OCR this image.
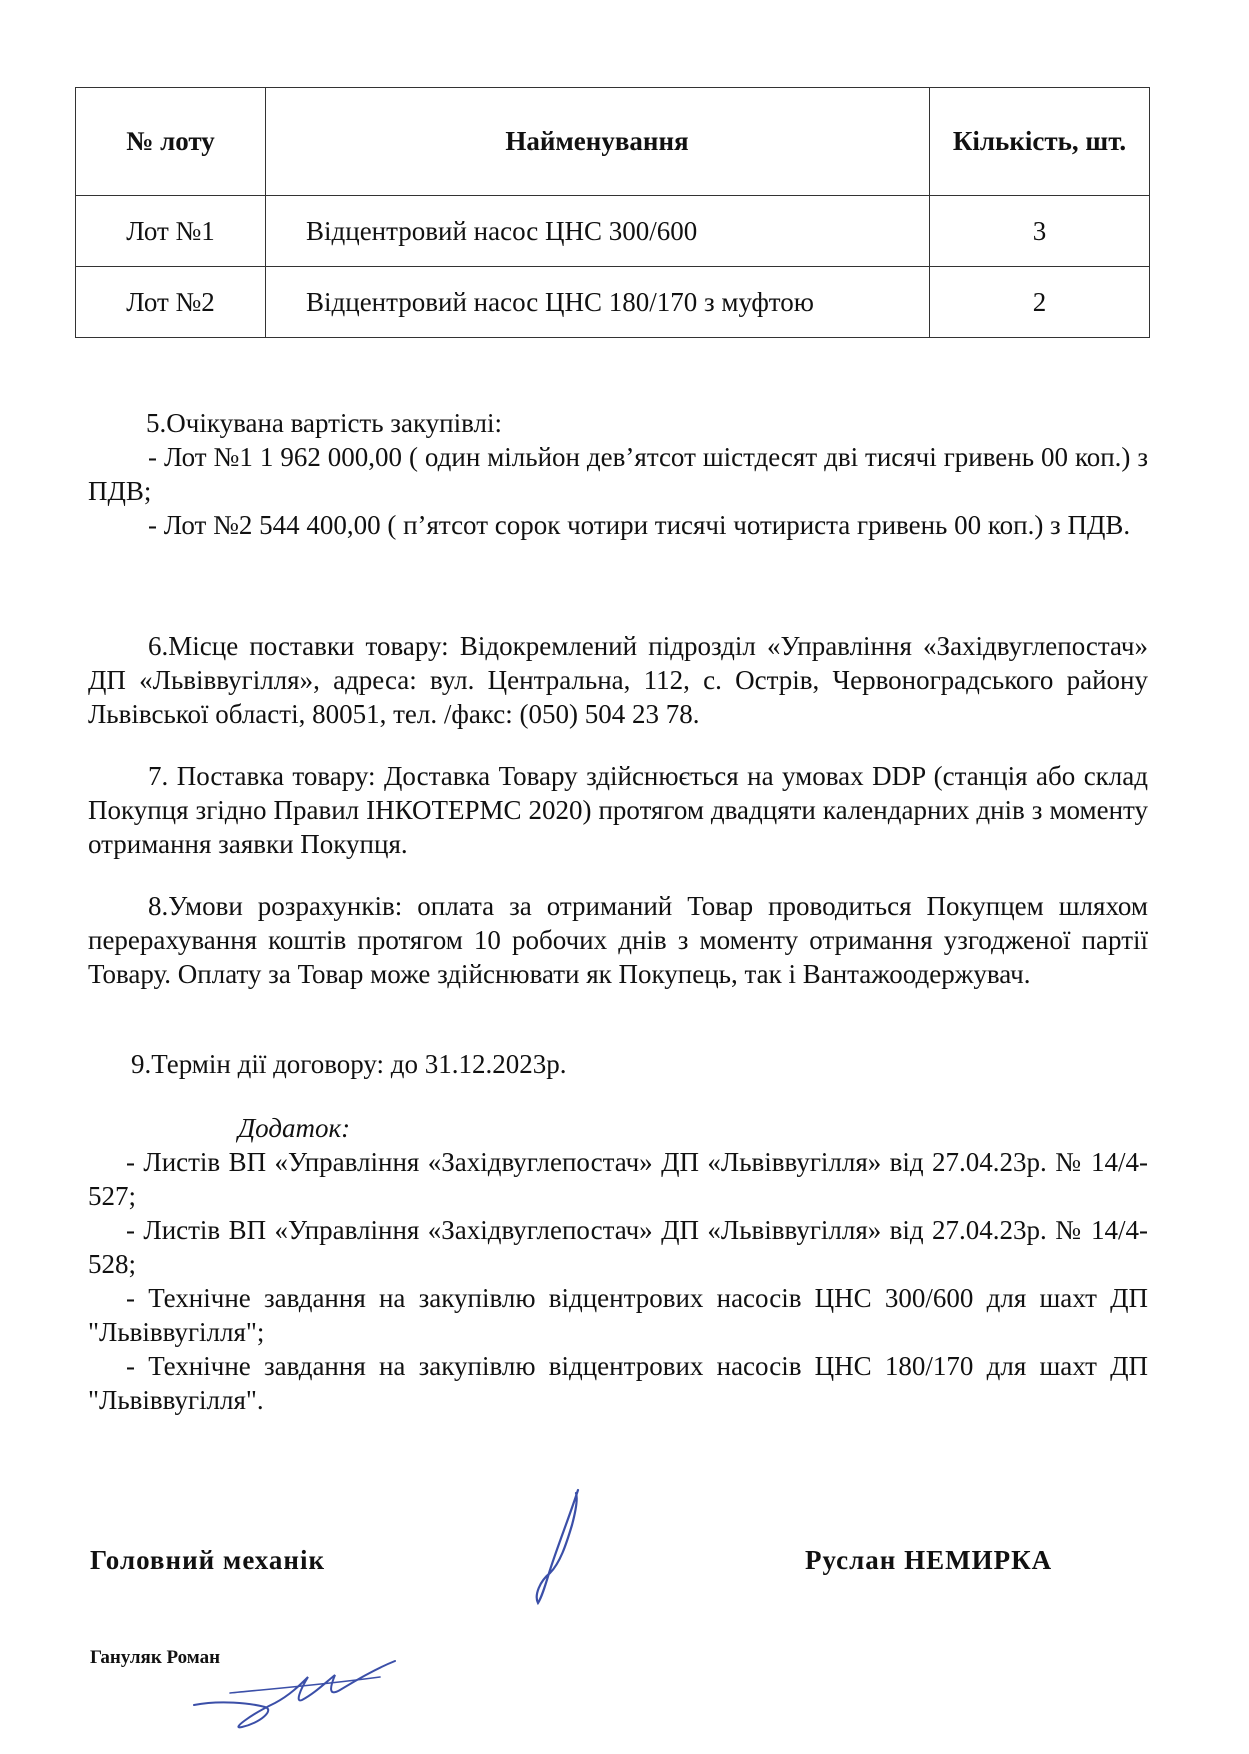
№ лоту	Найменування	Кількість, шт.
Лот №1	Відцентровий насос ЦНС 300/600	3
Лот №2	Відцентровий насос ЦНС 180/170 з муфтою	2
5.Очікувана вартість закупівлі:

- Лот №1 1 962 000,00 ( один мільйон дев’ятсот шістдесят дві тисячі гривень 00 коп.) з ПДВ;

- Лот №2 544 400,00 ( п’ятсот сорок чотири тисячі чотириста гривень 00 коп.) з ПДВ.

6.Місце поставки товару: Відокремлений підрозділ «Управління «Західвуглепостач» ДП «Львіввугілля», адреса: вул. Центральна, 112, с. Острів, Червоноградського району Львівської області, 80051, тел. /факс: (050) 504 23 78.

7. Поставка товару: Доставка Товару здійснюється на умовах DDP (станція або склад Покупця згідно Правил ІНКОТЕРМС 2020) протягом двадцяти календарних днів з моменту отримання заявки Покупця.

8.Умови розрахунків: оплата за отриманий Товар проводиться Покупцем шляхом перерахування коштів протягом 10 робочих днів з моменту отримання узгодженої партії Товару. Оплату за Товар може здійснювати як Покупець, так і Вантажоодержувач.

9.Термін дії договору: до 31.12.2023р.

Додаток:

- Листів ВП «Управління «Західвуглепостач» ДП «Львіввугілля» від 27.04.23р. № 14/4-527;

- Листів ВП «Управління «Західвуглепостач» ДП «Львіввугілля» від 27.04.23р. № 14/4-528;

- Технічне завдання на закупівлю відцентрових насосів ЦНС 300/600 для шахт ДП "Львіввугілля";

- Технічне завдання на закупівлю відцентрових насосів ЦНС 180/170 для шахт ДП "Львіввугілля".

Головний механік	Руслан НЕМИРКА
Гануляк Роман
